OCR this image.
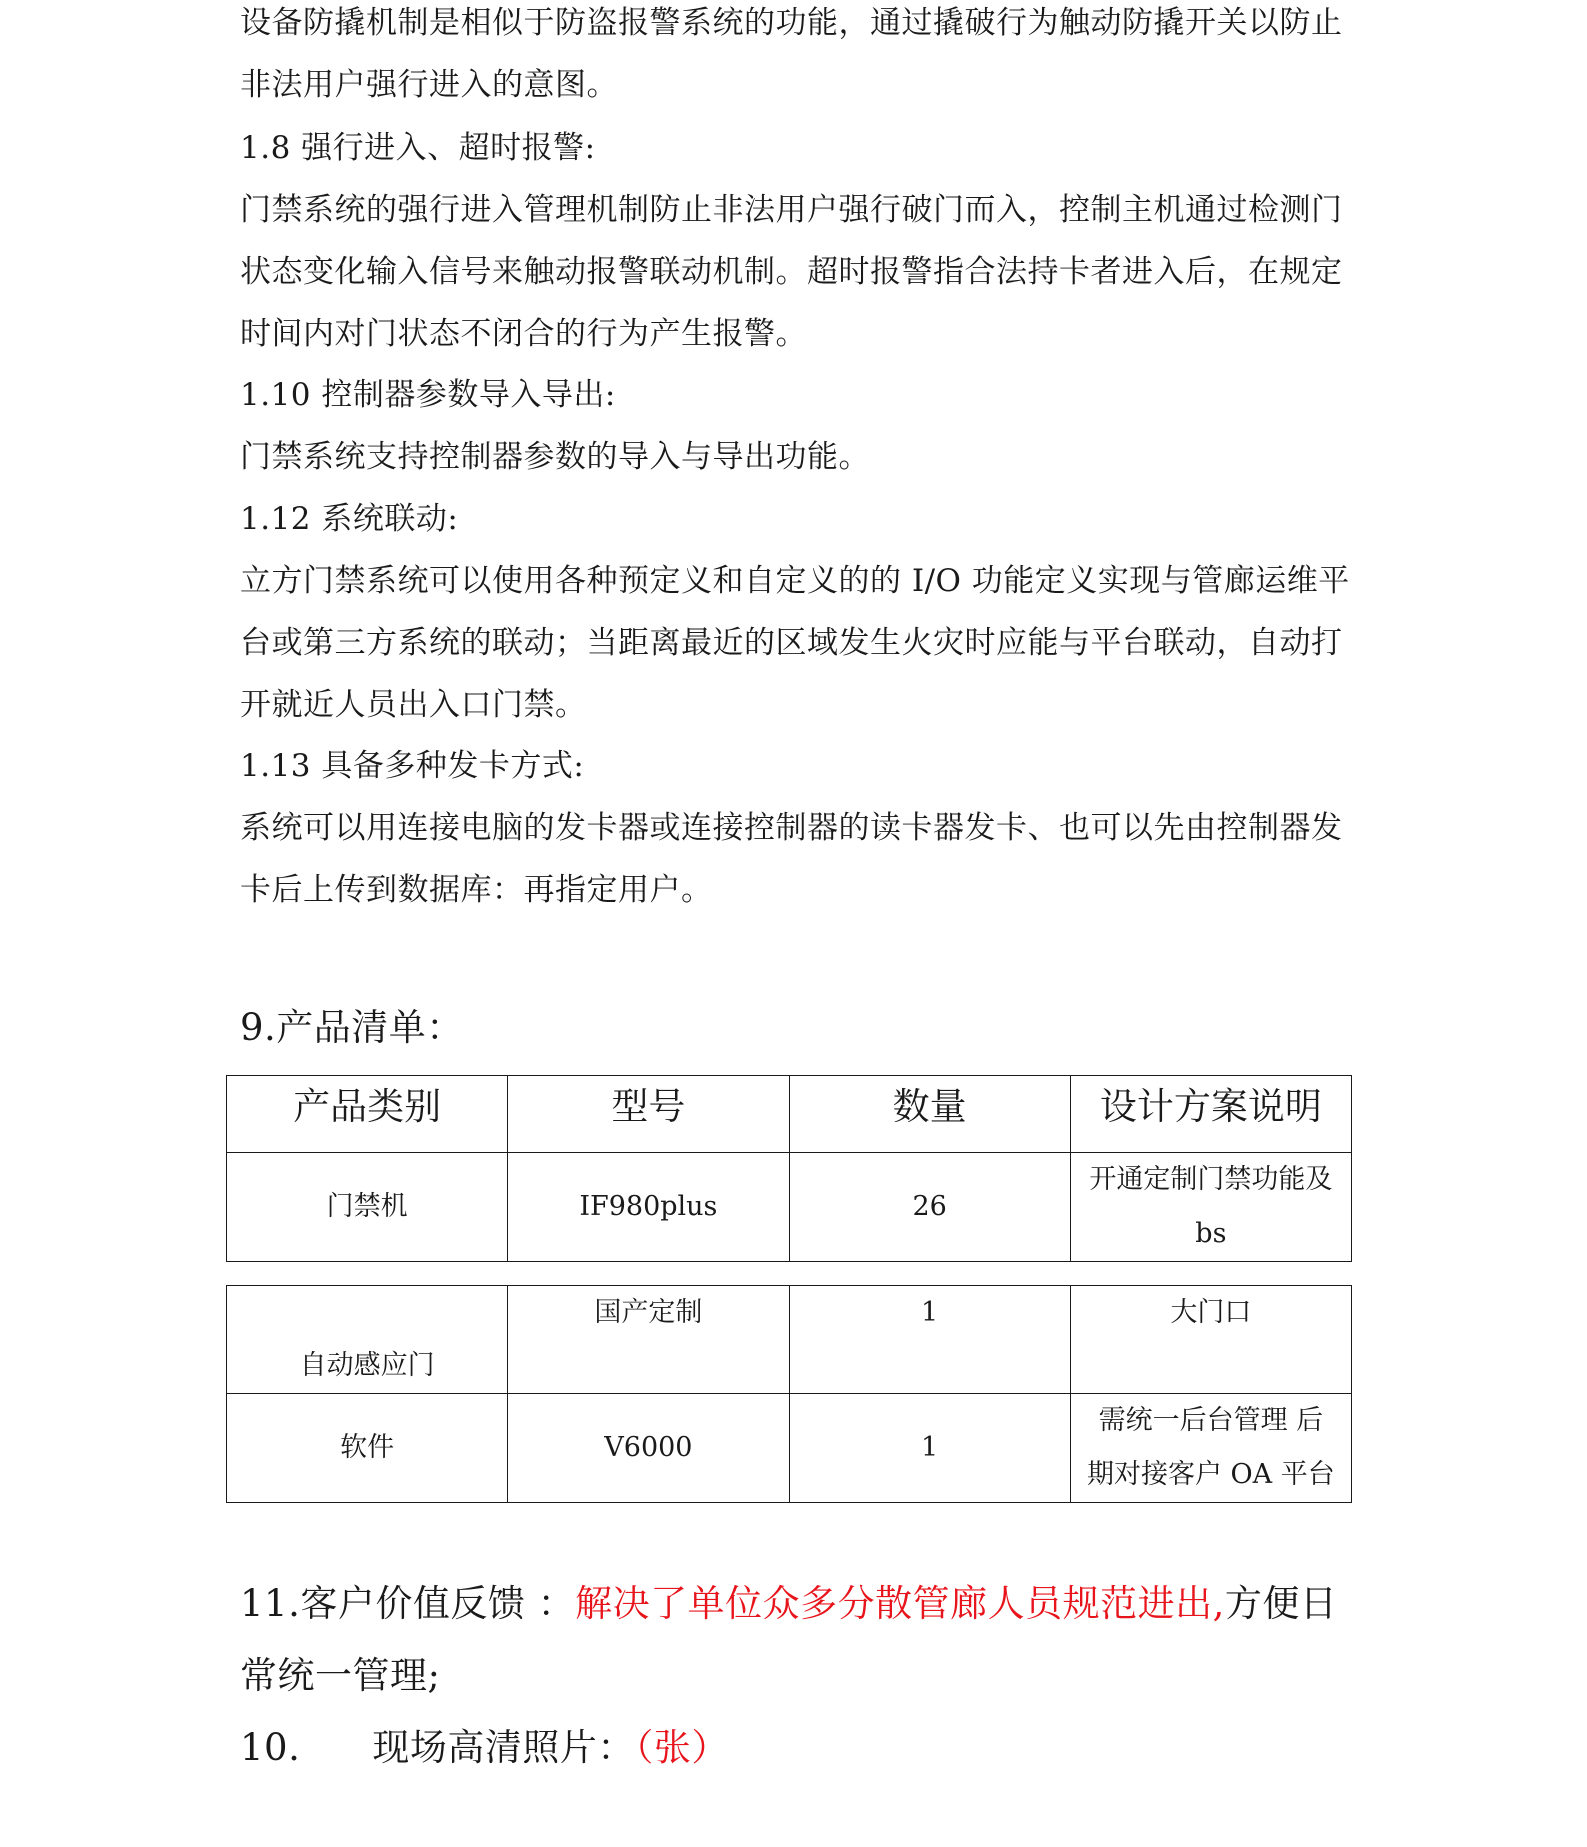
设备防撬机制是相似于防盗报警系统的功能，通过撬破行为触动防撬开关以防止非法用户强行进入的意图。

1.8 强行进入、超时报警:

门禁系统的强行进入管理机制防止非法用户强行破门而入，控制主机通过检测门状态变化输入信号来触动报警联动机制。超时报警指合法持卡者进入后，在规定时间内对门状态不闭合的行为产生报警。

1.10 控制器参数导入导出:

门禁系统支持控制器参数的导入与导出功能。

1.12 系统联动:

立方门禁系统可以使用各种预定义和自定义的的 I/O 功能定义实现与管廊运维平台或第三方系统的联动；当距离最近的区域发生火灾时应能与平台联动，自动打开就近人员出入口门禁。

1.13 具备多种发卡方式:

系统可以用连接电脑的发卡器或连接控制器的读卡器发卡、也可以先由控制器发卡后上传到数据库：再指定用户。

9.产品清单：

产品类别	型号	数量	设计方案说明
门禁机	IF980plus	26	开通定制门禁功能及
bs
自动感应门	国产定制	1	大门口
软件	V6000	1	需统一后台管理 后
期对接客户 OA 平台

11.客户价值反馈 ：解决了单位众多分散管廊人员规范进出,方便日常统一管理;

10. 现场高清照片：（张）
